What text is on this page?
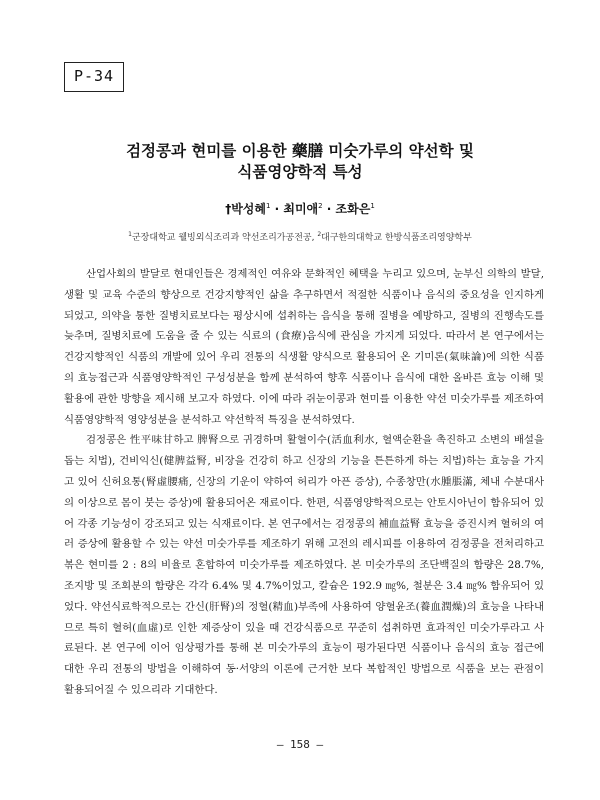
P-34
검정콩과 현미를 이용한 藥膳 미숫가루의 약선학 및
식품영양학적 특성
†박성혜$^1$ · 최미애$^2$ · 조화은$^1$
$^1$군장대학교 웰빙외식조리과 약선조리가공전공, $^2$대구한의대학교 한방식품조리영양학부

산업사회의 발달로 현대인들은 경제적인 여유와 문화적인 혜택을 누리고 있으며, 눈부신 의학의 발달, 생활 및 교육 수준의 향상으로 건강지향적인 삶을 추구하면서 적절한 식품이나 음식의 중요성을 인지하게 되었고, 의약을 통한 질병치료보다는 평상시에 섭취하는 음식을 통해 질병을 예방하고, 질병의 진행속도를 늦추며, 질병치료에 도움을 줄 수 있는 식료의 (食療)음식에 관심을 가지게 되었다. 따라서 본 연구에서는 건강지향적인 식품의 개발에 있어 우리 전통의 식생활 양식으로 활용되어 온 기미론(氣味論)에 의한 식품의 효능접근과 식품영양학적인 구성성분을 함께 분석하여 향후 식품이나 음식에 대한 올바른 효능 이해 및 활용에 관한 방향을 제시해 보고자 하였다. 이에 따라 쥐눈이콩과 현미를 이용한 약선 미숫가루를 제조하여 식품영양학적 영양성분을 분석하고 약선학적 특징을 분석하였다.

검정콩은 性平味甘하고 脾腎으로 귀경하며 활혈이수(活血利水, 혈액순환을 촉진하고 소변의 배설을 돕는 치법), 건비익신(健脾益腎, 비장을 건강히 하고 신장의 기능을 튼튼하게 하는 치법)하는 효능을 가지고 있어 신허요통(腎虛腰痛, 신장의 기운이 약하여 허리가 아픈 증상), 수종창만(水腫脹滿, 체내 수분대사의 이상으로 몸이 붓는 증상)에 활용되어온 재료이다. 한편, 식품영양학적으로는 안토시아닌이 함유되어 있어 각종 기능성이 강조되고 있는 식재료이다. 본 연구에서는 검정콩의 補血益腎 효능을 증진시켜 혈허의 여러 증상에 활용할 수 있는 약선 미숫가루를 제조하기 위해 고전의 레시피를 이용하여 검정콩을 전처리하고 볶은 현미를 2 : 8의 비율로 혼합하여 미숫가루를 제조하였다. 본 미숫가루의 조단백질의 함량은 28.7%, 조지방 및 조회분의 함량은 각각 6.4% 및 4.7%이었고, 칼슘은 192.9 ㎎%, 철분은 3.4 ㎎% 함유되어 있었다. 약선식료학적으로는 간신(肝腎)의 정혈(精血)부족에 사용하여 양혈윤조(養血潤燥)의 효능을 나타내므로 특히 혈허(血虛)로 인한 제증상이 있을 때 건강식품으로 꾸준히 섭취하면 효과적인 미숫가루라고 사료된다. 본 연구에 이어 임상평가를 통해 본 미숫가루의 효능이 평가된다면 식품이나 음식의 효능 접근에 대한 우리 전통의 방법을 이해하여 동·서양의 이론에 근거한 보다 복합적인 방법으로 식품을 보는 관점이 활용되어질 수 있으리라 기대한다.

– 158 –
